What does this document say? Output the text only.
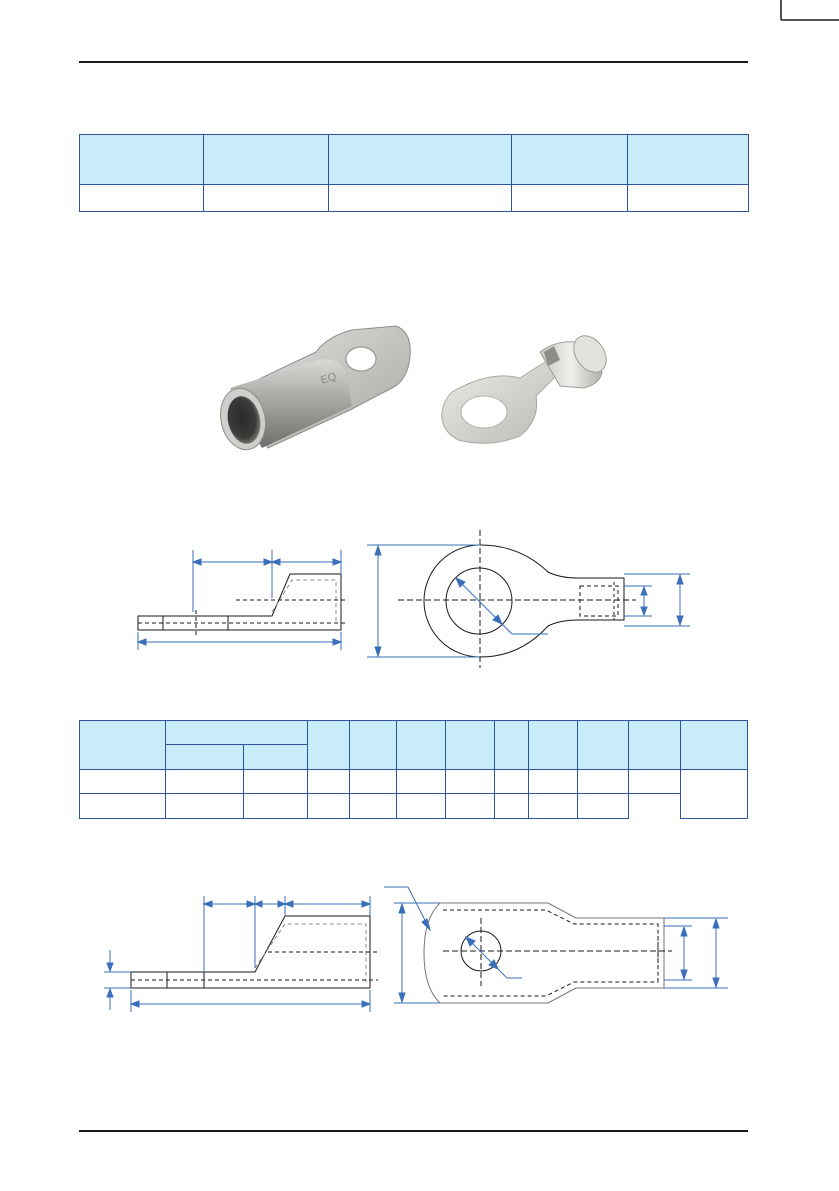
EQ
